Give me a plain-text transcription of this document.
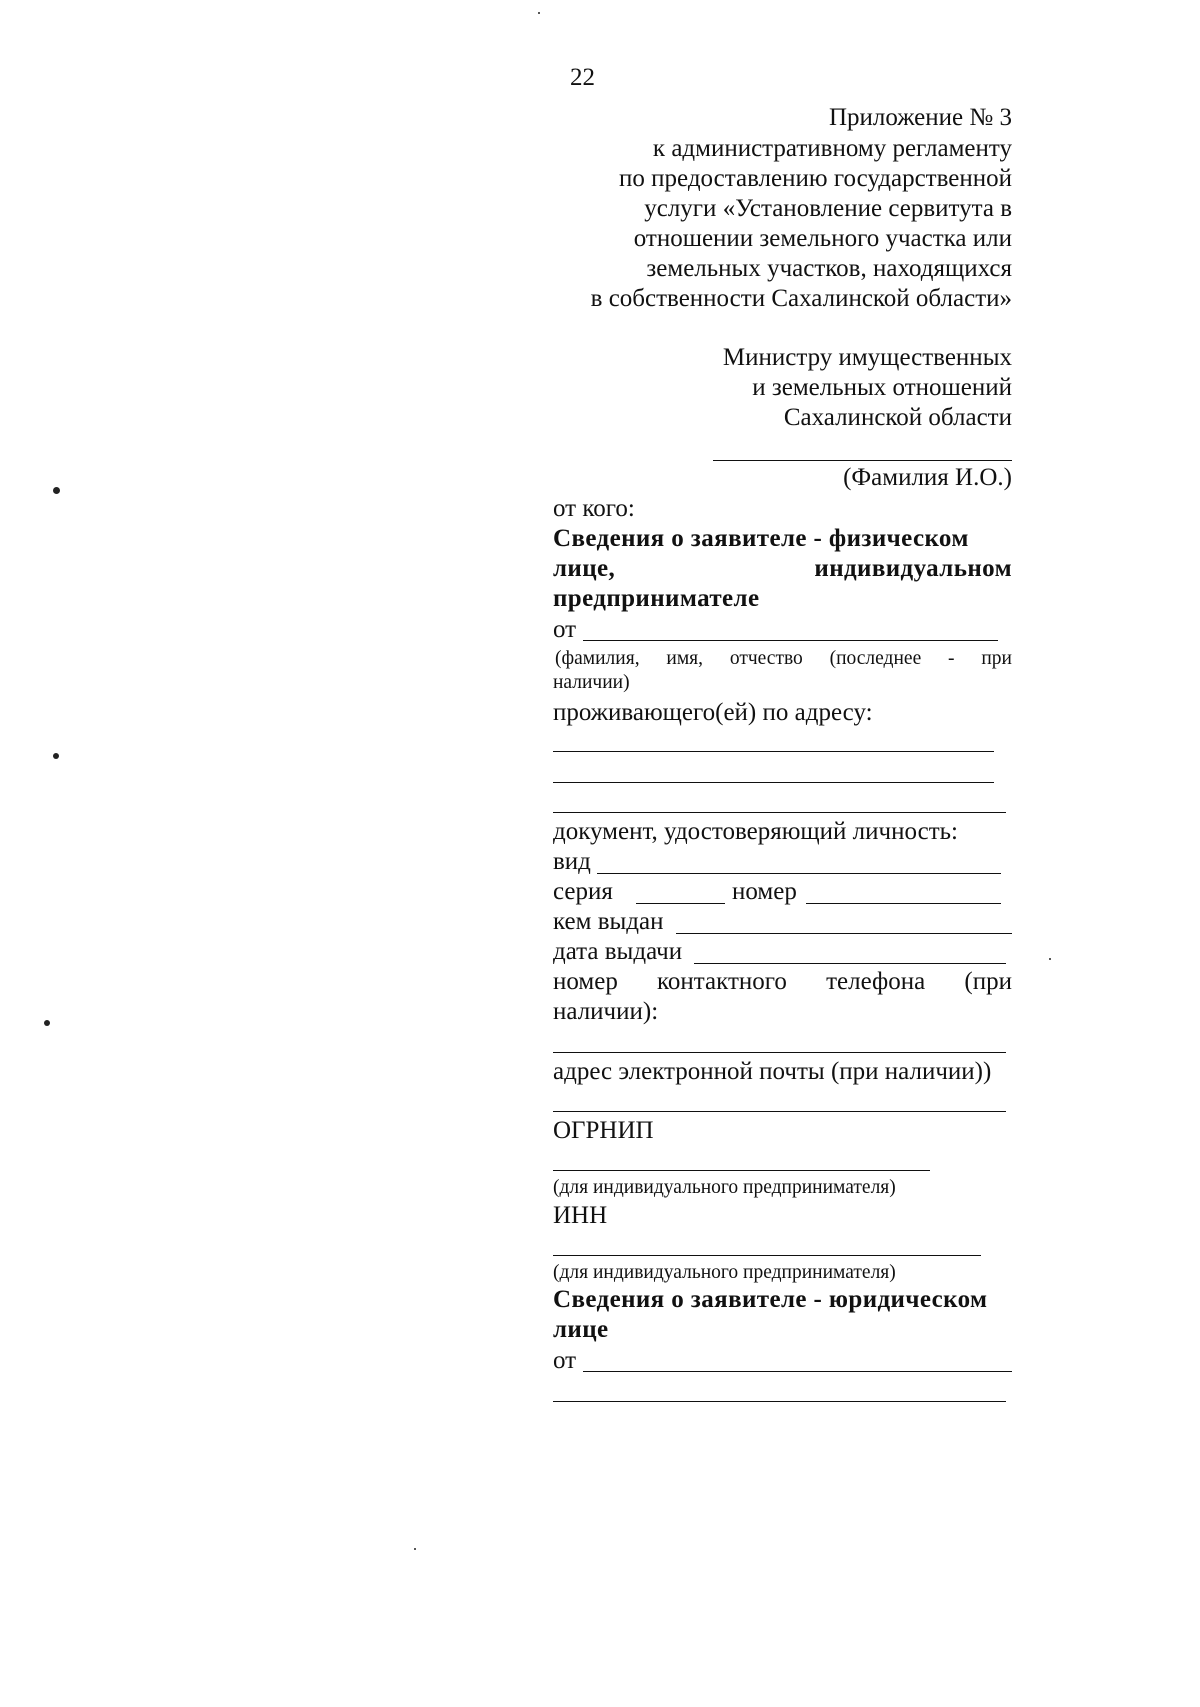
22
Приложение № 3
к административному регламенту
по предоставлению государственной
услуги «Установление сервитута в
отношении земельного участка или
земельных участков, находящихся
в собственности Сахалинской области»
Министру имущественных
и земельных отношений
Сахалинской области
(Фамилия И.О.)
от кого:
Сведения о заявителе - физическом
лице,	индивидуальном
предпринимателе
от
(фамилия, имя, отчество (последнее - при
наличии)
проживающего(ей) по адресу:
документ, удостоверяющий личность:
вид
серия	номер
кем выдан
дата выдачи
номер контактного телефона (при
наличии):
адрес электронной почты (при наличии))
ОГРНИП
(для индивидуального предпринимателя)
ИНН
(для индивидуального предпринимателя)
Сведения о заявителе - юридическом
лице
от
